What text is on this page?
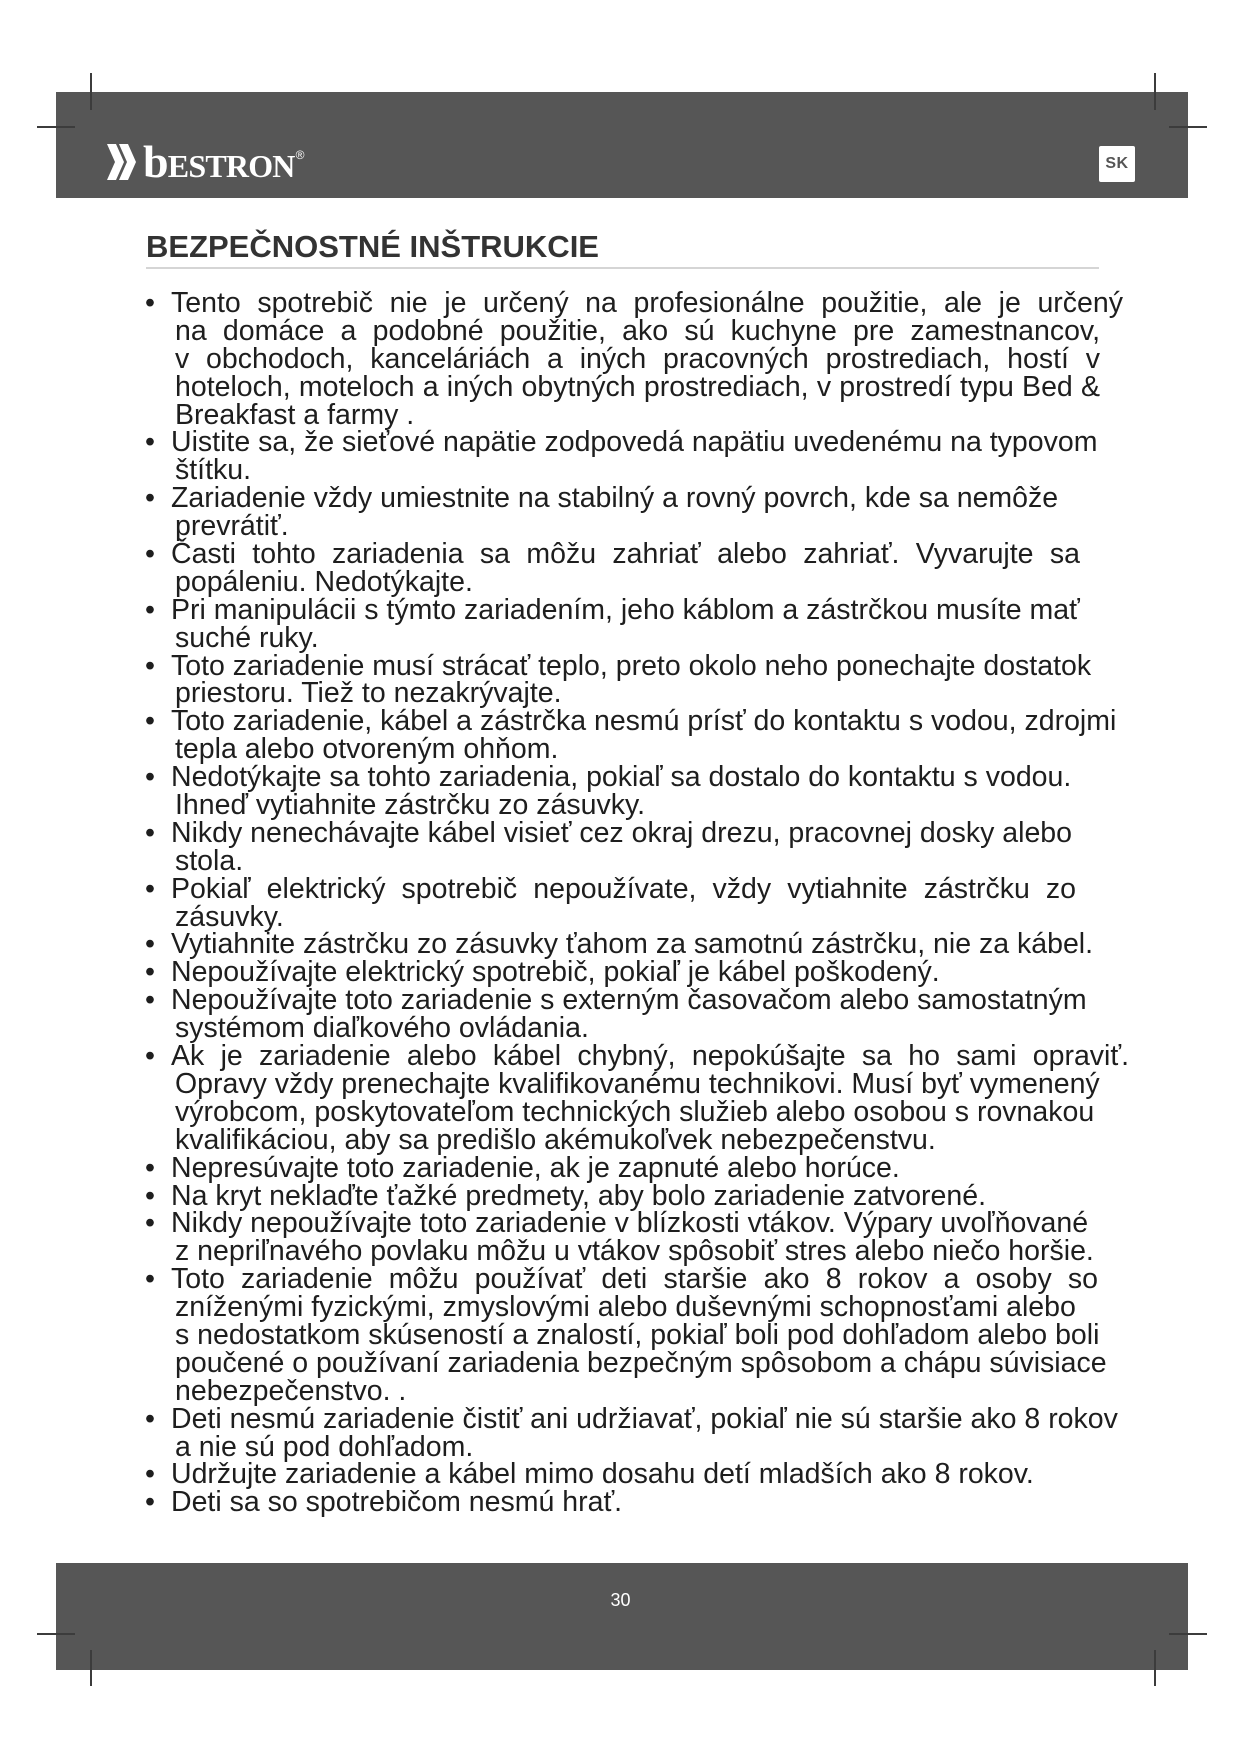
bESTRON®	SK
BEZPEČNOSTNÉ INŠTRUKCIE
• Tento spotrebič nie je určený na profesionálne použitie, ale je určený
na domáce a podobné použitie, ako sú kuchyne pre zamestnancov,
v obchodoch, kanceláriách a iných pracovných prostrediach, hostí v
hoteloch, moteloch a iných obytných prostrediach, v prostredí typu Bed &
Breakfast a farmy .
• Uistite sa, že sieťové napätie zodpovedá napätiu uvedenému na typovom
štítku.
• Zariadenie vždy umiestnite na stabilný a rovný povrch, kde sa nemôže
prevrátiť.
• Časti tohto zariadenia sa môžu zahriať alebo zahriať. Vyvarujte sa
popáleniu. Nedotýkajte.
• Pri manipulácii s týmto zariadením, jeho káblom a zástrčkou musíte mať
suché ruky.
• Toto zariadenie musí strácať teplo, preto okolo neho ponechajte dostatok
priestoru. Tiež to nezakrývajte.
• Toto zariadenie, kábel a zástrčka nesmú prísť do kontaktu s vodou, zdrojmi
tepla alebo otvoreným ohňom.
• Nedotýkajte sa tohto zariadenia, pokiaľ sa dostalo do kontaktu s vodou.
Ihneď vytiahnite zástrčku zo zásuvky.
• Nikdy nenechávajte kábel visieť cez okraj drezu, pracovnej dosky alebo
stola.
• Pokiaľ elektrický spotrebič nepoužívate, vždy vytiahnite zástrčku zo
zásuvky.
• Vytiahnite zástrčku zo zásuvky ťahom za samotnú zástrčku, nie za kábel.
• Nepoužívajte elektrický spotrebič, pokiaľ je kábel poškodený.
• Nepoužívajte toto zariadenie s externým časovačom alebo samostatným
systémom diaľkového ovládania.
• Ak je zariadenie alebo kábel chybný, nepokúšajte sa ho sami opraviť.
Opravy vždy prenechajte kvalifikovanému technikovi. Musí byť vymenený
výrobcom, poskytovateľom technických služieb alebo osobou s rovnakou
kvalifikáciou, aby sa predišlo akémukoľvek nebezpečenstvu.
• Nepresúvajte toto zariadenie, ak je zapnuté alebo horúce.
• Na kryt neklaďte ťažké predmety, aby bolo zariadenie zatvorené.
• Nikdy nepoužívajte toto zariadenie v blízkosti vtákov. Výpary uvoľňované
z nepriľnavého povlaku môžu u vtákov spôsobiť stres alebo niečo horšie.
• Toto zariadenie môžu používať deti staršie ako 8 rokov a osoby so
zníženými fyzickými, zmyslovými alebo duševnými schopnosťami alebo
s nedostatkom skúseností a znalostí, pokiaľ boli pod dohľadom alebo boli
poučené o používaní zariadenia bezpečným spôsobom a chápu súvisiace
nebezpečenstvo. .
• Deti nesmú zariadenie čistiť ani udržiavať, pokiaľ nie sú staršie ako 8 rokov
a nie sú pod dohľadom.
• Udržujte zariadenie a kábel mimo dosahu detí mladších ako 8 rokov.
• Deti sa so spotrebičom nesmú hrať.
30
